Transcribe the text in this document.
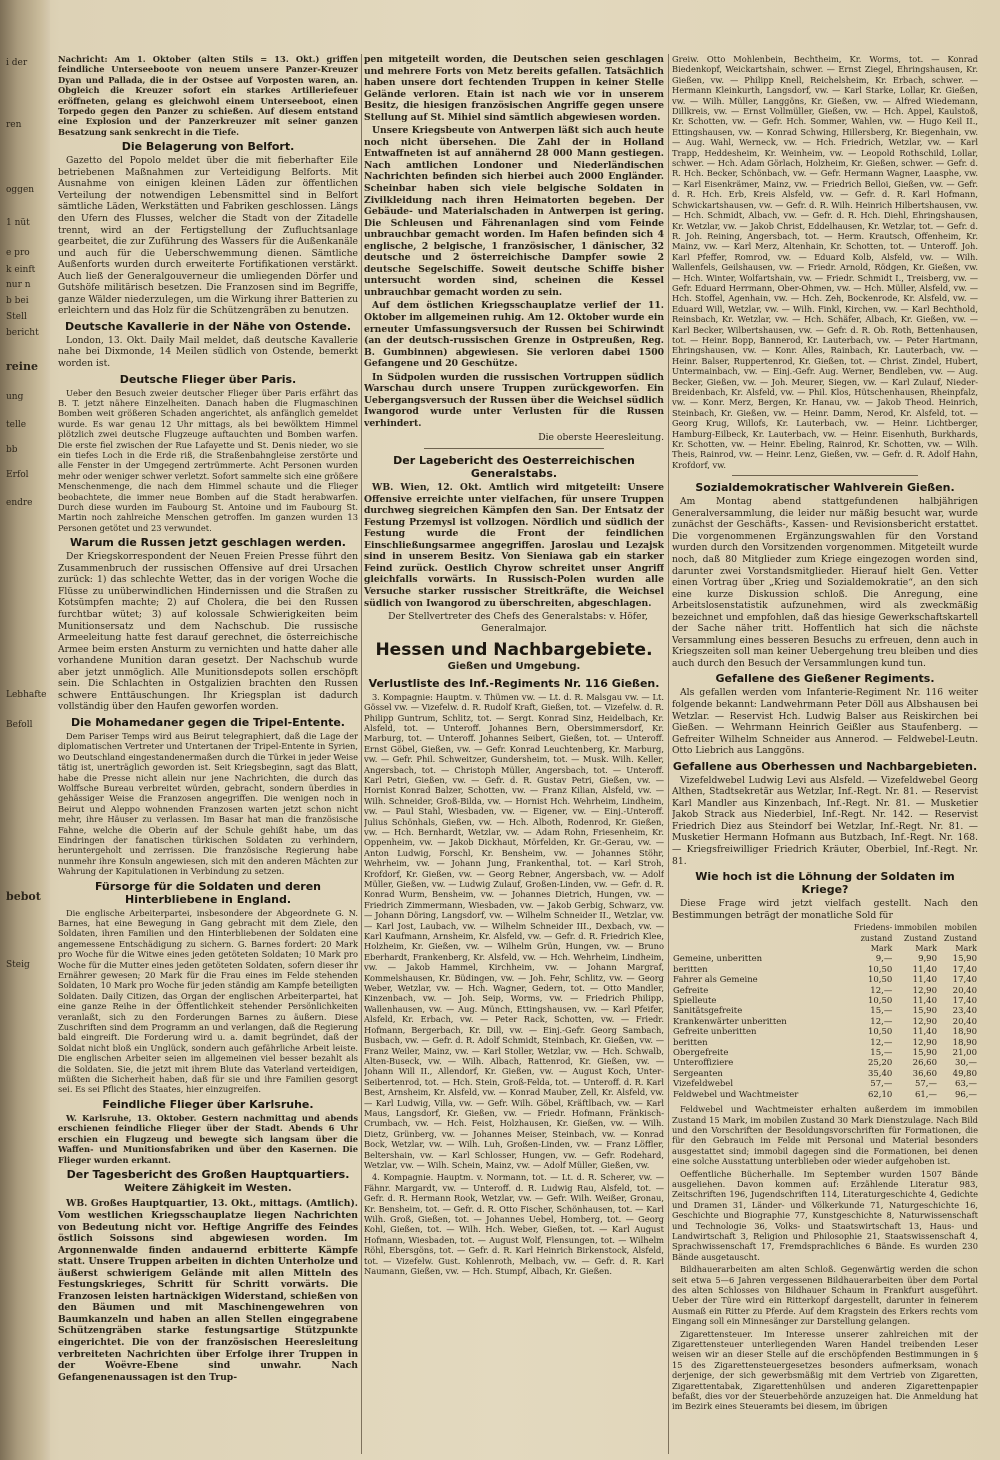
i der
ren
oggen
1 nüt
e pro
k einft
nur n
b bei
Stell
bericht
reine
ung
telle
bb
Erfol
endre
Lebhafte
Befoll
bebot
Steig

Nachricht: Am 1. Oktober (alten Stils = 13. Okt.) griffen feindliche Unterseeboote von neuem unsere Panzer-Kreuzer Dyan und Pallada, die in der Ostsee auf Vorposten waren, an. Obgleich die Kreuzer sofort ein starkes Artilleriefeuer eröffneten, gelang es gleichwohl einem Unterseeboot, einen Torpedo gegen den Panzer zu schießen. Auf diesem entstand eine Explosion und der Panzerkreuzer mit seiner ganzen Besatzung sank senkrecht in die Tiefe.

Die Belagerung von Belfort.

Gazetto del Popolo meldet über die mit fieberhafter Eile betriebenen Maßnahmen zur Verteidigung Belforts. Mit Ausnahme von einigen kleinen Läden zur öffentlichen Verteilung der notwendigen Lebensmittel sind in Belfort sämtliche Läden, Werkstätten und Fabriken geschlossen. Längs den Ufern des Flusses, welcher die Stadt von der Zitadelle trennt, wird an der Fertigstellung der Zufluchtsanlage gearbeitet, die zur Zuführung des Wassers für die Außenkanäle und auch für die Ueberschwemmung dienen. Sämtliche Außenforts wurden durch erweiterte Fortifikationen verstärkt. Auch ließ der Generalgouverneur die umliegenden Dörfer und Gutshöfe militärisch besetzen. Die Franzosen sind im Begriffe, ganze Wälder niederzulegen, um die Wirkung ihrer Batterien zu erleichtern und das Holz für die Schützengräben zu benutzen.

Deutsche Kavallerie in der Nähe von Ostende.

London, 13. Okt. Daily Mail meldet, daß deutsche Kavallerie nahe bei Dixmonde, 14 Meilen südlich von Ostende, bemerkt worden ist.

Deutsche Flieger über Paris.

Ueber den Besuch zweier deutscher Flieger über Paris erfährt das B. T. jetzt nähere Einzelheiten. Danach haben die Flugmaschinen Bomben weit größeren Schaden angerichtet, als anfänglich gemeldet wurde. Es war genau 12 Uhr mittags, als bei bewölktem Himmel plötzlich zwei deutsche Flugzeuge auftauchten und Bomben warfen. Die erste fiel zwischen der Rue Lafayette und St. Denis nieder, wo sie ein tiefes Loch in die Erde riß, die Straßenbahngleise zerstörte und alle Fenster in der Umgegend zertrümmerte. Acht Personen wurden mehr oder weniger schwer verletzt. Sofort sammelte sich eine größere Menschenmenge, die nach dem Himmel schaute und die Flieger beobachtete, die immer neue Bomben auf die Stadt herabwarfen. Durch diese wurden im Faubourg St. Antoine und im Faubourg St. Martin noch zahlreiche Menschen getroffen. Im ganzen wurden 13 Personen getötet und 23 verwundet.

Warum die Russen jetzt geschlagen werden.

Der Kriegskorrespondent der Neuen Freien Presse führt den Zusammenbruch der russischen Offensive auf drei Ursachen zurück: 1) das schlechte Wetter, das in der vorigen Woche die Flüsse zu unüberwindlichen Hindernissen und die Straßen zu Kotsümpfen machte; 2) auf Cholera, die bei den Russen furchtbar wütet; 3) auf kolossale Schwierigkeiten beim Munitionsersatz und dem Nachschub. Die russische Armeeleitung hatte fest darauf gerechnet, die österreichische Armee beim ersten Ansturm zu vernichten und hatte daher alle vorhandene Munition daran gesetzt. Der Nachschub wurde aber jetzt unmöglich. Alle Munitionsdepots sollen erschöpft sein. Die Schlachten in Ostgalizien brachten den Russen schwere Enttäuschungen. Ihr Kriegsplan ist dadurch vollständig über den Haufen geworfen worden.

Die Mohamedaner gegen die Tripel-Entente.

Dem Pariser Temps wird aus Beirut telegraphiert, daß die Lage der diplomatischen Vertreter und Untertanen der Tripel-Entente in Syrien, wo Deutschland eingestandenermaßen durch die Türkei in jeder Weise tätig ist, unerträglich geworden ist. Seit Kriegsbeginn, sagt das Blatt, habe die Presse nicht allein nur jene Nachrichten, die durch das Wolffsche Bureau verbreitet würden, gebracht, sondern überdies in gehässiger Weise die Franzosen angegriffen. Die wenigen noch in Beirut und Aleppo wohnenden Franzosen warten jetzt schon nicht mehr, ihre Häuser zu verlassen. Im Basar hat man die französische Fahne, welche die Oberin auf der Schule gehißt habe, um das Eindringen der fanatischen türkischen Soldaten zu verhindern, heruntergeholt und zerrissen. Die französische Regierung habe nunmehr ihre Konsuln angewiesen, sich mit den anderen Mächten zur Wahrung der Kapitulationen in Verbindung zu setzen.

Fürsorge für die Soldaten und deren Hinterbliebene in England.

Die englische Arbeiterpartei, insbesondere der Abgeordnete G. N. Barnes, hat eine Bewegung in Gang gebracht mit dem Ziele, den Soldaten, ihren Familien und den Hinterbliebenen der Soldaten eine angemessene Entschädigung zu sichern. G. Barnes fordert: 20 Mark pro Woche für die Witwe eines jeden getöteten Soldaten; 10 Mark pro Woche für die Mutter eines jeden getöteten Soldaten, sofern dieser ihr Ernährer gewesen; 20 Mark für die Frau eines im Felde stehenden Soldaten, 10 Mark pro Woche für jeden ständig am Kampfe beteiligten Soldaten. Daily Citizen, das Organ der englischen Arbeiterpartei, hat eine ganze Reihe in der Öffentlichkeit stehender Persönlichkeiten veranlaßt, sich zu den Forderungen Barnes zu äußern. Diese Zuschriften sind dem Programm an und verlangen, daß die Regierung bald eingreift. Die Forderung wird u. a. damit begründet, daß der Soldat nicht bloß ein Unglück, sondern auch gefährliche Arbeit leiste. Die englischen Arbeiter seien im allgemeinen viel besser bezahlt als die Soldaten. Sie, die jetzt mit ihrem Blute das Vaterland verteidigen, müßten die Sicherheit haben, daß für sie und ihre Familien gesorgt sei. Es sei Pflicht des Staates, hier einzugreifen.

Feindliche Flieger über Karlsruhe.

W. Karlsruhe, 13. Oktober. Gestern nachmittag und abends erschienen feindliche Flieger über der Stadt. Abends 6 Uhr erschien ein Flugzeug und bewegte sich langsam über die Waffen- und Munitionsfabriken und über den Kasernen. Die Flieger wurden erkannt.

Der Tagesbericht des Großen Hauptquartiers.
Weitere Zähigkeit im Westen.

WB. Großes Hauptquartier, 13. Okt., mittags. (Amtlich). Vom westlichen Kriegsschauplatze liegen Nachrichten von Bedeutung nicht vor. Heftige Angriffe des Feindes östlich Soissons sind abgewiesen worden. Im Argonnenwalde finden andauernd erbitterte Kämpfe statt. Unsere Truppen arbeiten in dichten Unterholze und äußerst schwierigem Gelände mit allen Mitteln des Festungskrieges, Schritt für Schritt vorwärts. Die Franzosen leisten hartnäckigen Widerstand, schießen von den Bäumen und mit Maschinengewehren von Baumkanzeln und haben an allen Stellen eingegrabene Schützengräben starke festungsartige Stützpunkte eingerichtet. Die von der französischen Heeresleitung verbreiteten Nachrichten über Erfolge ihrer Truppen in der Woëvre-Ebene sind unwahr. Nach Gefangenenaussagen ist den Trup-

pen mitgeteilt worden, die Deutschen seien geschlagen und mehrere Forts von Metz bereits gefallen. Tatsächlich haben unsere dort fechtenden Truppen in keiner Stelle Gelände verloren. Etain ist nach wie vor in unserem Besitz, die hiesigen französischen Angriffe gegen unsere Stellung auf St. Mihiel sind sämtlich abgewiesen worden.

Unsere Kriegsbeute von Antwerpen läßt sich auch heute noch nicht übersehen. Die Zahl der in Holland Entwaffneten ist auf annähernd 28 000 Mann gestiegen. Nach amtlichen Londoner und Niederländischen Nachrichten befinden sich hierbei auch 2000 Engländer. Scheinbar haben sich viele belgische Soldaten in Zivilkleidung nach ihren Heimatorten begeben. Der Gebäude- und Materialschaden in Antwerpen ist gering. Die Schleusen und Fährenanlagen sind vom Feinde unbrauchbar gemacht worden. Im Hafen befinden sich 4 englische, 2 belgische, 1 französischer, 1 dänischer, 32 deutsche und 2 österreichische Dampfer sowie 2 deutsche Segelschiffe. Soweit deutsche Schiffe bisher untersucht worden sind, scheinen die Kessel unbrauchbar gemacht worden zu sein.

Auf dem östlichen Kriegsschauplatze verlief der 11. Oktober im allgemeinen ruhig. Am 12. Oktober wurde ein erneuter Umfassungsversuch der Russen bei Schirwindt (an der deutsch-russischen Grenze in Ostpreußen, Reg. B. Gumbinnen) abgewiesen. Sie verloren dabei 1500 Gefangene und 20 Geschütze.

In Südpolen wurden die russischen Vortruppen südlich Warschau durch unsere Truppen zurückgeworfen. Ein Uebergangsversuch der Russen über die Weichsel südlich Iwangorod wurde unter Verlusten für die Russen verhindert.

Die oberste Heeresleitung.

Der Lagebericht des Oesterreichischen Generalstabs.

WB. Wien, 12. Okt. Amtlich wird mitgeteilt: Unsere Offensive erreichte unter vielfachen, für unsere Truppen durchweg siegreichen Kämpfen den San. Der Entsatz der Festung Przemysl ist vollzogen. Nördlich und südlich der Festung wurde die Front der feindlichen Einschließungsarmee angegriffen. Jaroslau und Lezajsk sind in unserem Besitz. Von Sieniawa gab ein starker Feind zurück. Oestlich Chyrow schreitet unser Angriff gleichfalls vorwärts. In Russisch-Polen wurden alle Versuche starker russischer Streitkräfte, die Weichsel südlich von Iwangorod zu überschreiten, abgeschlagen.

Der Stellvertreter des Chefs des Generalstabs: v. Höfer, Generalmajor.

Hessen und Nachbargebiete.
Gießen und Umgebung.
Verlustliste des Inf.-Regiments Nr. 116 Gießen.

3. Kompagnie: Hauptm. v. Thümen vw. — Lt. d. R. Malsgau vw. — Lt. Gössel vw. — Vizefelw. d. R. Rudolf Kraft, Gießen, tot. — Vizefelw. d. R. Philipp Guntrum, Schlitz, tot. — Sergt. Konrad Sinz, Heidelbach, Kr. Alsfeld, tot. — Unteroff. Johannes Bern, Obersimmersdorf, Kr. Marburg, tot. — Unteroff. Johannes Seibert, Gießen, tot. — Unteroff. Ernst Göbel, Gießen, vw. — Gefr. Konrad Leuchtenberg, Kr. Marburg, vw. — Gefr. Phil. Schweitzer, Gundersheim, tot. — Musk. Wilh. Keller, Angersbach, tot. — Christoph Müller, Angersbach, tot. — Unteroff. Karl Petri, Gießen, vw. — Gefr. d. R. Gustav Petri, Gießen, vw. — Hornist Konrad Balzer, Schotten, vw. — Franz Kilian, Alsfeld, vw. — Wilh. Schneider, Groß-Bilda, vw. — Hornist Hch. Wehrheim, Lindheim, vw. — Paul Stahl, Wiesbaden, vw. — Eigener, vw. — Einj.-Unteroff. Julius Schönhals, Gießen, vw. — Hch. Alboth, Rodenrod, Kr. Gießen, vw. — Hch. Bernhardt, Wetzlar, vw. — Adam Rohn, Friesenheim, Kr. Oppenheim, vw. — Jakob Dickhaut, Mörfelden, Kr. Gr.-Gerau, vw. — Anton Ludwig, Forschl, Kr. Bensheim, vw. — Johannes Stöhr, Wehrheim, vw. — Johann Jung, Frankenthal, tot. — Karl Stroh, Krofdorf, Kr. Gießen, vw. — Georg Rebner, Angersbach, vw. — Adolf Müller, Gießen, vw. — Ludwig Zulauf, Großen-Linden, vw. — Gefr. d. R. Konrad Wurm, Bensheim, vw. — Johannes Dietrich, Hungen, vw. — Friedrich Zimmermann, Wiesbaden, vw. — Jakob Gerbig, Schwarz, vw. — Johann Döring, Langsdorf, vw. — Wilhelm Schneider II., Wetzlar, vw. — Karl Jost, Laubach, vw. — Wilhelm Schneider III., Dexbach, vw. — Karl Kaufmann, Arnsheim, Kr. Alsfeld, vw. — Gefr. d. R. Friedrich Klee, Holzheim, Kr. Gießen, vw. — Wilhelm Grün, Hungen, vw. — Bruno Eberhardt, Frankenberg, Kr. Alsfeld, vw. — Hch. Wehrheim, Lindheim, vw. — Jakob Hammel, Kirchheim, vw. — Johann Margraf, Kommelshausen, Kr. Büdingen, vw. — Joh. Fehr, Schlitz, vw. — Georg Weber, Wetzlar, vw. — Hch. Wagner, Gedern, tot. — Otto Mandler, Kinzenbach, vw. — Joh. Seip, Worms, vw. — Friedrich Philipp, Wallenhausen, vw. — Aug. Münch, Ettingshausen, vw. — Karl Pfeifer, Alsfeld, Kr. Erbach, vw. — Peter Rack, Schotten, vw. — Friedr. Hofmann, Bergerbach, Kr. Dill, vw. — Einj.-Gefr. Georg Sambach, Busbach, vw. — Gefr. d. R. Adolf Schmidt, Steinbach, Kr. Gießen, vw. — Franz Weiler, Mainz, vw. — Karl Stoller, Wetzlar, vw. — Hch. Schwalb, Alten-Buseck, vw. — Wilh. Albach, Rattenrod, Kr. Gießen, vw. — Johann Will II., Allendorf, Kr. Gießen, vw. — August Koch, Unter-Seibertenrod, tot. — Hch. Stein, Groß-Felda, tot. — Unteroff. d. R. Karl Best, Arnsheim, Kr. Alsfeld, vw. — Konrad Mauber, Zell, Kr. Alsfeld, vw. — Karl Ludwig, Villa, vw. — Gefr. Wilh. Göbel, Kräftlbach, vw. — Karl Maus, Langsdorf, Kr. Gießen, vw. — Friedr. Hofmann, Fränkisch-Crumbach, vw. — Hch. Feist, Holzhausen, Kr. Gießen, vw. — Wilh. Dietz, Grünberg, vw. — Johannes Meiser, Steinbach, vw. — Konrad Bock, Wetzlar, vw. — Wilh. Luh, Großen-Linden, vw. — Franz Löffler, Beltershain, vw. — Karl Schlosser, Hungen, vw. — Gefr. Rodehard, Wetzlar, vw. — Wilh. Schein, Mainz, vw. — Adolf Müller, Gießen, vw.

4. Kompagnie. Hauptm. v. Normann, tot. — Lt. d. R. Scherer, vw. — Fähnr. Margardt, vw. — Unteroff. d. R. Ludwig Rau, Alsfeld, tot. — Gefr. d. R. Hermann Rook, Wetzlar, vw. — Gefr. Wilh. Weißer, Gronau, Kr. Bensheim, tot. — Gefr. d. R. Otto Fischer, Schönhausen, tot. — Karl Wilh. Groß, Gießen, tot. — Johannes Uebel, Homberg, tot. — Georg Kohl, Gießen, tot. — Wilh. Hch. Weber, Gießen, tot. — Karl August Hofmann, Wiesbaden, tot. — August Wolf, Flensungen, tot. — Wilhelm Röhl, Ebersgöns, tot. — Gefr. d. R. Karl Heinrich Birkenstock, Alsfeld, tot. — Vizefelw. Gust. Kohlenroth, Melbach, vw. — Gefr. d. R. Karl Naumann, Gießen, vw. — Hch. Stumpf, Albach, Kr. Gießen.

Greiw. Otto Mohlenbein, Bechtheim, Kr. Worms, tot. — Konrad Biedenkopf, Weickartshain, schwer. — Ernst Ziegel, Ehringshausen, Kr. Gießen, vw. — Philipp Knell, Reichelsheim, Kr. Erbach, schwer. — Hermann Kleinkurth, Langsdorf, vw. — Karl Starke, Lollar, Kr. Gießen, vw. — Wilh. Müller, Langgöns, Kr. Gießen, vw. — Alfred Wiedemann, Dillkreis, vw. — Ernst Vollmüller, Gießen, vw. — Hch. Appel, Kaulstoß, Kr. Schotten, vw. — Gefr. Hch. Sommer, Wahlen, vw. — Hugo Keil II., Ettingshausen, vw. — Konrad Schwing, Hillersberg, Kr. Biegenhain, vw. — Aug. Wahl, Werneck, vw. — Hch. Friedrich, Wetzlar, vw. — Karl Trapp, Heddesheim, Kr. Weinheim, vw. — Leopold Rothschild, Lollar, schwer. — Hch. Adam Görlach, Holzheim, Kr. Gießen, schwer. — Gefr. d. R. Hch. Becker, Schönbach, vw. — Gefr. Hermann Wagner, Laasphe, vw. — Karl Eisenkrämer, Mainz, vw. — Friedrich Belloi, Gießen, vw. — Gefr. d. R. Hch. Erb, Kreis Alsfeld, vw. — Gefr. d. R. Karl Hofmann, Schwickartshausen, vw. — Gefr. d. R. Wilh. Heinrich Hilbertshausen, vw. — Hch. Schmidt, Albach, vw. — Gefr. d. R. Hch. Diehl, Ehringshausen, Kr. Wetzlar, vw. — Jakob Christ, Eddelhausen, Kr. Wetzlar, tot. — Gefr. d. R. Joh. Reining, Angersbach, tot. — Herm. Krautsch, Offenheim, Kr. Mainz, vw. — Karl Merz, Altenhain, Kr. Schotten, tot. — Unteroff. Joh. Karl Pfeffer, Romrod, vw. — Eduard Kolb, Alsfeld, vw. — Wilh. Wallenfels, Geilshausen, vw. — Friedr. Arnold, Rödgen, Kr. Gießen, vw. — Hch. Winter, Wolfartshain, vw. — Friedr. Schmidt I., Treisberg, vw. — Gefr. Eduard Herrmann, Ober-Ohmen, vw. — Hch. Müller, Alsfeld, vw. — Hch. Stoffel, Agenhain, vw. — Hch. Zeh, Bockenrode, Kr. Alsfeld, vw. — Eduard Will, Wetzlar, vw. — Wilh. Finkl, Kirchen, vw. — Karl Bechthold, Reinsbach, Kr. Wetzlar, vw. — Hch. Schäfer, Albach, Kr. Gießen, vw. — Karl Becker, Wilbertshausen, vw. — Gefr. d. R. Ob. Roth, Bettenhausen, tot. — Heinr. Bopp, Bannerod, Kr. Lauterbach, vw. — Peter Hartmann, Ehringshausen, vw. — Konr. Alles, Rainbach, Kr. Lauterbach, vw. — Heinr. Balser, Ruppertenrod, Kr. Gießen, tot. — Christ. Zindel, Hubert, Untermainbach, vw. — Einj.-Gefr. Aug. Werner, Bendleben, vw. — Aug. Becker, Gießen, vw. — Joh. Meurer, Siegen, vw. — Karl Zulauf, Nieder-Breidenbach, Kr. Alsfeld, vw. — Phil. Klos, Hütschenhausen, Rheinpfalz, vw. — Konr. Merz, Bergen, Kr. Hanau, vw. — Jakob Theod. Heinrich, Steinbach, Kr. Gießen, vw. — Heinr. Damm, Nerod, Kr. Alsfeld, tot. — Georg Krug, Willofs, Kr. Lauterbach, vw. — Heinr. Lichtberger, Hamburg-Eilbeck, Kr. Lauterbach, vw. — Heinr. Eisenhuth, Burkhards, Kr. Schotten, vw. — Heinr. Ebeling, Rainrod, Kr. Schotten, vw. — Wilh. Theis, Rainrod, vw. — Heinr. Lenz, Gießen, vw. — Gefr. d. R. Adolf Hahn, Krofdorf, vw.

Sozialdemokratischer Wahlverein Gießen.

Am Montag abend stattgefundenen halbjährigen Generalversammlung, die leider nur mäßig besucht war, wurde zunächst der Geschäfts-, Kassen- und Revisionsbericht erstattet. Die vorgenommenen Ergänzungswahlen für den Vorstand wurden durch den Vorsitzenden vorgenommen. Mitgeteilt wurde noch, daß 80 Mitglieder zum Kriege eingezogen worden sind, darunter zwei Vorstandsmitglieder. Hierauf hielt Gen. Vetter einen Vortrag über „Krieg und Sozialdemokratie“, an den sich eine kurze Diskussion schloß. Die Anregung, eine Arbeitslosenstatistik aufzunehmen, wird als zweckmäßig bezeichnet und empfohlen, daß das hiesige Gewerkschaftskartell der Sache näher tritt. Hoffentlich hat sich die nächste Versammlung eines besseren Besuchs zu erfreuen, denn auch in Kriegszeiten soll man keiner Uebergehung treu bleiben und dies auch durch den Besuch der Versammlungen kund tun.

Gefallene des Gießener Regiments.

Als gefallen werden vom Infanterie-Regiment Nr. 116 weiter folgende bekannt: Landwehrmann Peter Döll aus Albshausen bei Wetzlar. — Reservist Hch. Ludwig Balser aus Reiskirchen bei Gießen. — Wehrmann Heinrich Geißler aus Staufenberg. — Gefreiter Wilhelm Schneider aus Annerod. — Feldwebel-Leutn. Otto Liebrich aus Langgöns.

Gefallene aus Oberhessen und Nachbargebieten.

Vizefeldwebel Ludwig Levi aus Alsfeld. — Vizefeldwebel Georg Althen, Stadtsekretär aus Wetzlar, Inf.-Regt. Nr. 81. — Reservist Karl Mandler aus Kinzenbach, Inf.-Regt. Nr. 81. — Musketier Jakob Strack aus Niederbiel, Inf.-Regt. Nr. 142. — Reservist Friedrich Diez aus Steindorf bei Wetzlar, Inf.-Regt. Nr. 81. — Musketier Hermann Hofmann aus Butzbach, Inf.-Regt. Nr. 168. — Kriegsfreiwilliger Friedrich Kräuter, Oberbiel, Inf.-Regt. Nr. 81.

Wie hoch ist die Löhnung der Soldaten im Kriege?

Diese Frage wird jetzt vielfach gestellt. Nach den Bestimmungen beträgt der monatliche Sold für

	Friedens-zustand Mark	immobilen Zustand Mark	mobilen Zustand Mark
Gemeine, unberitten	9,—	9,90	15,90
beritten	10,50	11,40	17,40
Fahrer als Gemeine	10,50	11,40	17,40
Gefreite	12,—	12,90	20,40
Spielleute	10,50	11,40	17,40
Sanitätsgefreite	15,—	15,90	23,40
Krankenwärter unberitten	12,—	12,90	20,40
Gefreite unberitten	10,50	11,40	18,90
beritten	12,—	12,90	18,90
Obergefreite	15,—	15,90	21,00
Unteroffiziere	25,20	26,60	30,—
Sergeanten	35,40	36,60	49,80
Vizefeldwebel	57,—	57,—	63,—
Feldwebel und Wachtmeister	62,10	61,—	96,—

Feldwebel und Wachtmeister erhalten außerdem im immobilen Zustand 15 Mark, im mobilen Zustand 30 Mark Dienstzulage. Nach Bild und den Vorschriften der Besoldungsvorschriften für Formationen, die für den Gebrauch im Felde mit Personal und Material besonders ausgestattet sind; immobil dagegen sind die Formationen, bei denen eine solche Ausstattung unterblieben oder wieder aufgehoben ist.

Oeffentliche Bücherhalle. Im September wurden 1507 Bände ausgeliehen. Davon kommen auf: Erzählende Literatur 983, Zeitschriften 196, Jugendschriften 114, Literaturgeschichte 4, Gedichte und Dramen 31, Länder- und Völkerkunde 71, Naturgeschichte 16, Geschichte und Biographie 77, Kunstgeschichte 8, Naturwissenschaft und Technologie 36, Volks- und Staatswirtschaft 13, Haus- und Landwirtschaft 3, Religion und Philosophie 21, Staatswissenschaft 4, Sprachwissenschaft 17, Fremdsprachliches 6 Bände. Es wurden 230 Bände ausgetauscht.

Bildhauerarbeiten am alten Schloß. Gegenwärtig werden die schon seit etwa 5—6 Jahren vergessenen Bildhauerarbeiten über dem Portal des alten Schlosses von Bildhauer Schaum in Frankfurt ausgeführt. Ueber der Türe wird ein Ritterkopf dargestellt, darunter in feinerem Ausmaß ein Ritter zu Pferde. Auf dem Kragstein des Erkers rechts vom Eingang soll ein Minnesänger zur Darstellung gelangen.

Zigarettensteuer. Im Interesse unserer zahlreichen mit der Zigarettensteuer unterliegenden Waren Handel treibenden Leser weisen wir an dieser Stelle auf die erschöpfenden Bestimmungen in § 15 des Zigarettensteuergesetzes besonders aufmerksam, wonach derjenige, der sich gewerbsmäßig mit dem Vertrieb von Zigaretten, Zigarettentabak, Zigarettenhülsen und anderen Zigarettenpapier befaßt, dies vor der Steuerbehörde anzuzeigen hat. Die Anmeldung hat im Bezirk eines Steueramts bei diesem, im übrigen
